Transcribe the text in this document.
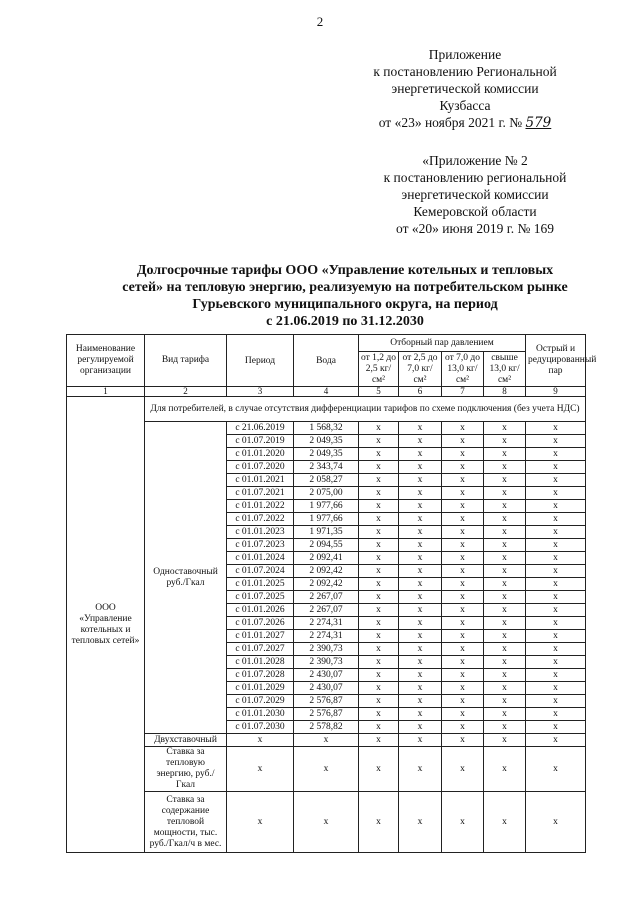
2
Приложение
к постановлению Региональной
энергетической комиссии
Кузбасса
от «23» ноября 2021 г. № 579
«Приложение № 2
к постановлению региональной
энергетической комиссии
Кемеровской области
от «20» июня 2019 г. № 169
Долгосрочные тарифы ООО «Управление котельных и тепловых
сетей» на тепловую энергию, реализуемую на потребительском рынке
Гурьевского муниципального округа, на период
с 21.06.2019 по 31.12.2030
Наименование регулируемой организации	Вид тарифа	Период	Вода	Отборный пар давлением				Острый и редуцированный пар
				от 1,2 до 2,5 кг/см²	от 2,5 до 7,0 кг/см²	от 7,0 до 13,0 кг/см²	свыше 13,0 кг/см²	
1	2	3	4	5	6	7	8	9
ООО «Управление котельных и тепловых сетей»	Для потребителей, в случае отсутствия дифференциации тарифов по схеме подключения (без учета НДС)							
	Одноставочный руб./Гкал	с 21.06.2019	1 568,32	x	x	x	x	x
		с 01.07.2019	2 049,35	x	x	x	x	x
		с 01.01.2020	2 049,35	x	x	x	x	x
		с 01.07.2020	2 343,74	x	x	x	x	x
		с 01.01.2021	2 058,27	x	x	x	x	x
		с 01.07.2021	2 075,00	x	x	x	x	x
		с 01.01.2022	1 977,66	x	x	x	x	x
		с 01.07.2022	1 977,66	x	x	x	x	x
		с 01.01.2023	1 971,35	x	x	x	x	x
		с 01.07.2023	2 094,55	x	x	x	x	x
		с 01.01.2024	2 092,41	x	x	x	x	x
		с 01.07.2024	2 092,42	x	x	x	x	x
		с 01.01.2025	2 092,42	x	x	x	x	x
		с 01.07.2025	2 267,07	x	x	x	x	x
		с 01.01.2026	2 267,07	x	x	x	x	x
		с 01.07.2026	2 274,31	x	x	x	x	x
		с 01.01.2027	2 274,31	x	x	x	x	x
		с 01.07.2027	2 390,73	x	x	x	x	x
		с 01.01.2028	2 390,73	x	x	x	x	x
		с 01.07.2028	2 430,07	x	x	x	x	x
		с 01.01.2029	2 430,07	x	x	x	x	x
		с 01.07.2029	2 576,87	x	x	x	x	x
		с 01.01.2030	2 576,87	x	x	x	x	x
		с 01.07.2030	2 578,82	x	x	x	x	x
	Двухставочный	x	x	x	x	x	x	x
	Ставка за тепловую энергию, руб./Гкал	x	x	x	x	x	x	x
	Ставка за содержание тепловой мощности, тыс. руб./Гкал/ч в мес.	x	x	x	x	x	x	x
